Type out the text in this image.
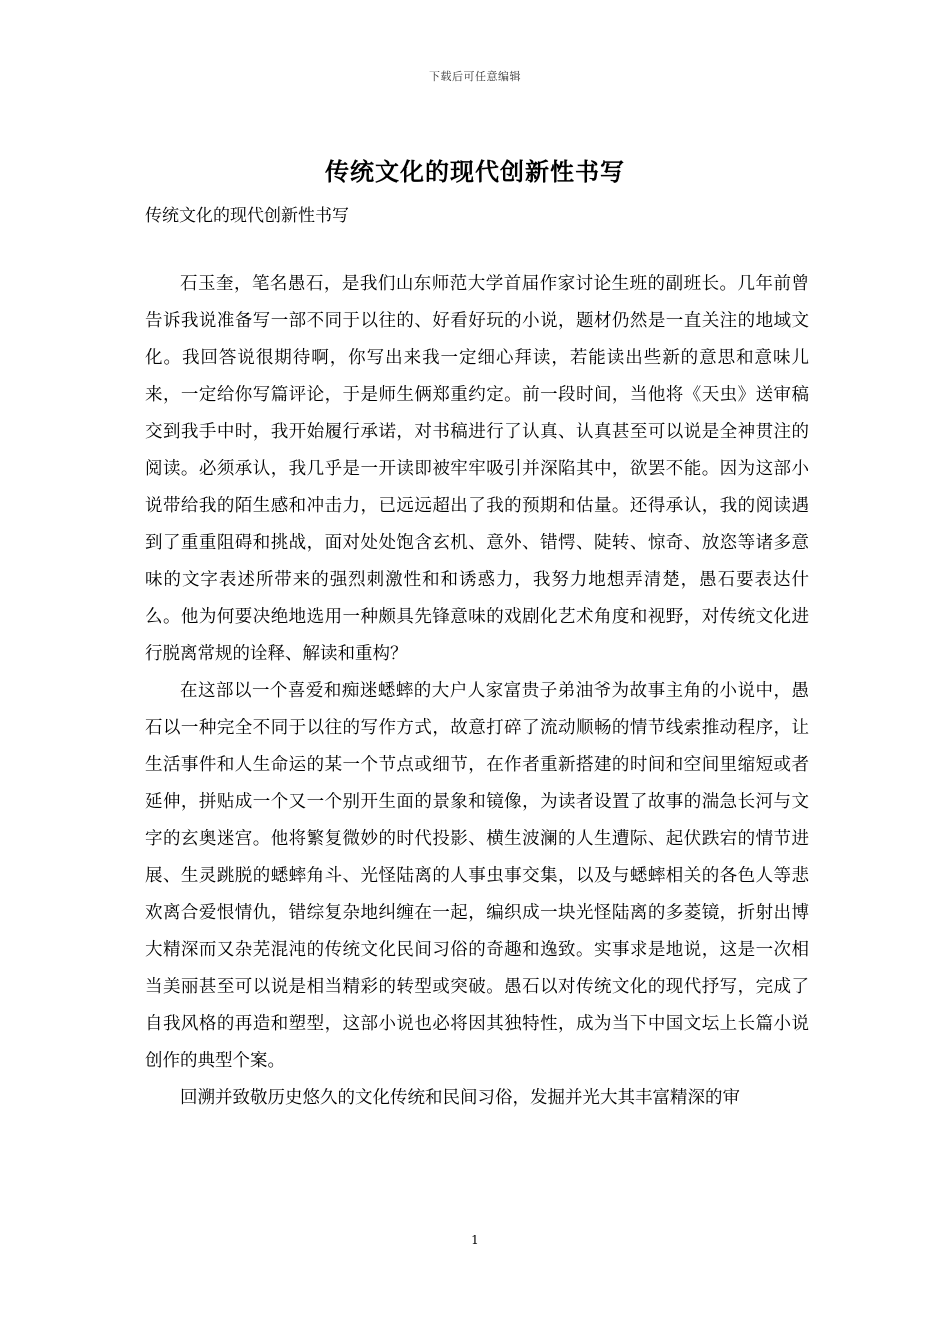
下载后可任意编辑
传统文化的现代创新性书写
传统文化的现代创新性书写

石玉奎，笔名愚石，是我们山东师范大学首届作家讨论生班的副班长。几年前曾告诉我说准备写一部不同于以往的、好看好玩的小说，题材仍然是一直关注的地域文化。我回答说很期待啊，你写出来我一定细心拜读，若能读出些新的意思和意味儿来，一定给你写篇评论，于是师生俩郑重约定。前一段时间，当他将《天虫》送审稿交到我手中时，我开始履行承诺，对书稿进行了认真、认真甚至可以说是全神贯注的阅读。必须承认，我几乎是一开读即被牢牢吸引并深陷其中，欲罢不能。因为这部小说带给我的陌生感和冲击力，已远远超出了我的预期和估量。还得承认，我的阅读遇到了重重阻碍和挑战，面对处处饱含玄机、意外、错愕、陡转、惊奇、放恣等诸多意味的文字表述所带来的强烈刺激性和和诱惑力，我努力地想弄清楚，愚石要表达什么。他为何要决绝地选用一种颇具先锋意味的戏剧化艺术角度和视野，对传统文化进行脱离常规的诠释、解读和重构？

在这部以一个喜爱和痴迷蟋蟀的大户人家富贵子弟油爷为故事主角的小说中，愚石以一种完全不同于以往的写作方式，故意打碎了流动顺畅的情节线索推动程序，让生活事件和人生命运的某一个节点或细节，在作者重新搭建的时间和空间里缩短或者延伸，拼贴成一个又一个别开生面的景象和镜像，为读者设置了故事的湍急长河与文字的玄奥迷宫。他将繁复微妙的时代投影、横生波澜的人生遭际、起伏跌宕的情节进展、生灵跳脱的蟋蟀角斗、光怪陆离的人事虫事交集，以及与蟋蟀相关的各色人等悲欢离合爱恨情仇，错综复杂地纠缠在一起，编织成一块光怪陆离的多菱镜，折射出博大精深而又杂芜混沌的传统文化民间习俗的奇趣和逸致。实事求是地说，这是一次相当美丽甚至可以说是相当精彩的转型或突破。愚石以对传统文化的现代抒写，完成了自我风格的再造和塑型，这部小说也必将因其独特性，成为当下中国文坛上长篇小说创作的典型个案。

回溯并致敬历史悠久的文化传统和民间习俗，发掘并光大其丰富精深的审

1
